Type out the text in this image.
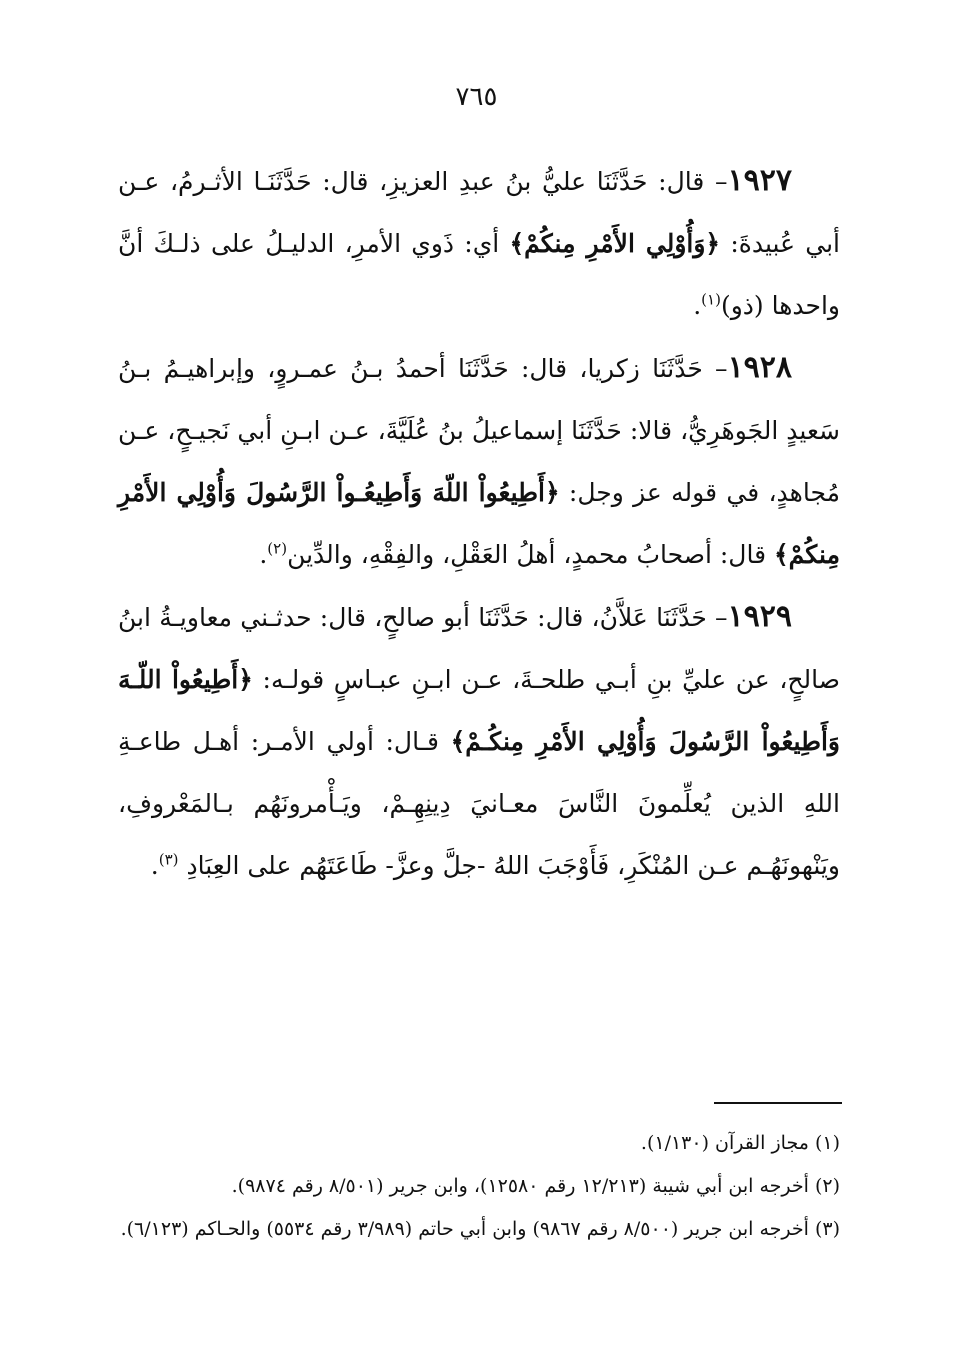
٧٦٥

١٩٢٧– قال: حَدَّثَنَا عليُّ بنُ عبدِ العزيزِ، قال: حَدَّثَنَـا الأثـرمُ، عـن أبي عُبيدةَ: ﴿وَأُوْلِي الأَمْرِ مِنكُمْ﴾ أي: ذَوي الأمرِ، الدليـلُ على ذلـكَ أنَّ واحدها (ذو)$^{(١)}$.

١٩٢٨– حَدَّثَنَا زكريا، قال: حَدَّثَنَا أحمدُ بـنُ عمـروٍ، وإبراهيـمُ بـنُ سَعيدٍ الجَوهَرِيُّ، قالا: حَدَّثَنَا إسماعيلُ بنُ عُلَيَّةَ، عـن ابـنِ أبي نَجيـحٍ، عـن مُجاهدٍ، في قوله عز وجل: ﴿أَطِيعُواْ اللّهَ وَأَطِيعُـواْ الرَّسُولَ وَأُوْلِي الأَمْرِ مِنكُمْ﴾ قال: أصحابُ محمدٍ، أهلُ العَقْلِ، والفِقْهِ، والدِّين$^{(٢)}$.

١٩٢٩– حَدَّثَنَا عَلاَّنُ، قال: حَدَّثَنَا أبو صالحٍ، قال: حدثـني معاويـةُ ابنُ صالحٍ، عن عليِّ بنِ أبـي طلحـةَ، عـن ابـنِ عبـاسٍ قولـه: ﴿أَطِيعُواْ اللّـهَ وَأَطِيعُواْ الرَّسُولَ وَأُوْلِي الأَمْرِ مِنكُـمْ﴾ قـال: أولي الأمـر: أهـل طاعـةِ اللهِ الذين يُعلِّمونَ النَّاسَ معـانيَ دِينِهِـمْ، ويَـأْمرونَهُم بـالمَعْروفِ، ويَنْهونَهُـم عـن المُنْكَرِ، فَأَوْجَبَ اللهُ -جلَّ وعزَّ- طَاعَتَهُم على العِبَادِ $^{(٣)}$.

(١) مجاز القرآن (١/١٣٠).

(٢) أخرجه ابن أبي شيبة (١٢/٢١٣ رقم ١٢٥٨٠)، وابن جرير (٨/٥٠١ رقم ٩٨٧٤).

(٣) أخرجه ابن جرير (٨/٥٠٠ رقم ٩٨٦٧) وابن أبي حاتم (٣/٩٨٩ رقم ٥٥٣٤) والحـاكم (٦/١٢٣).
